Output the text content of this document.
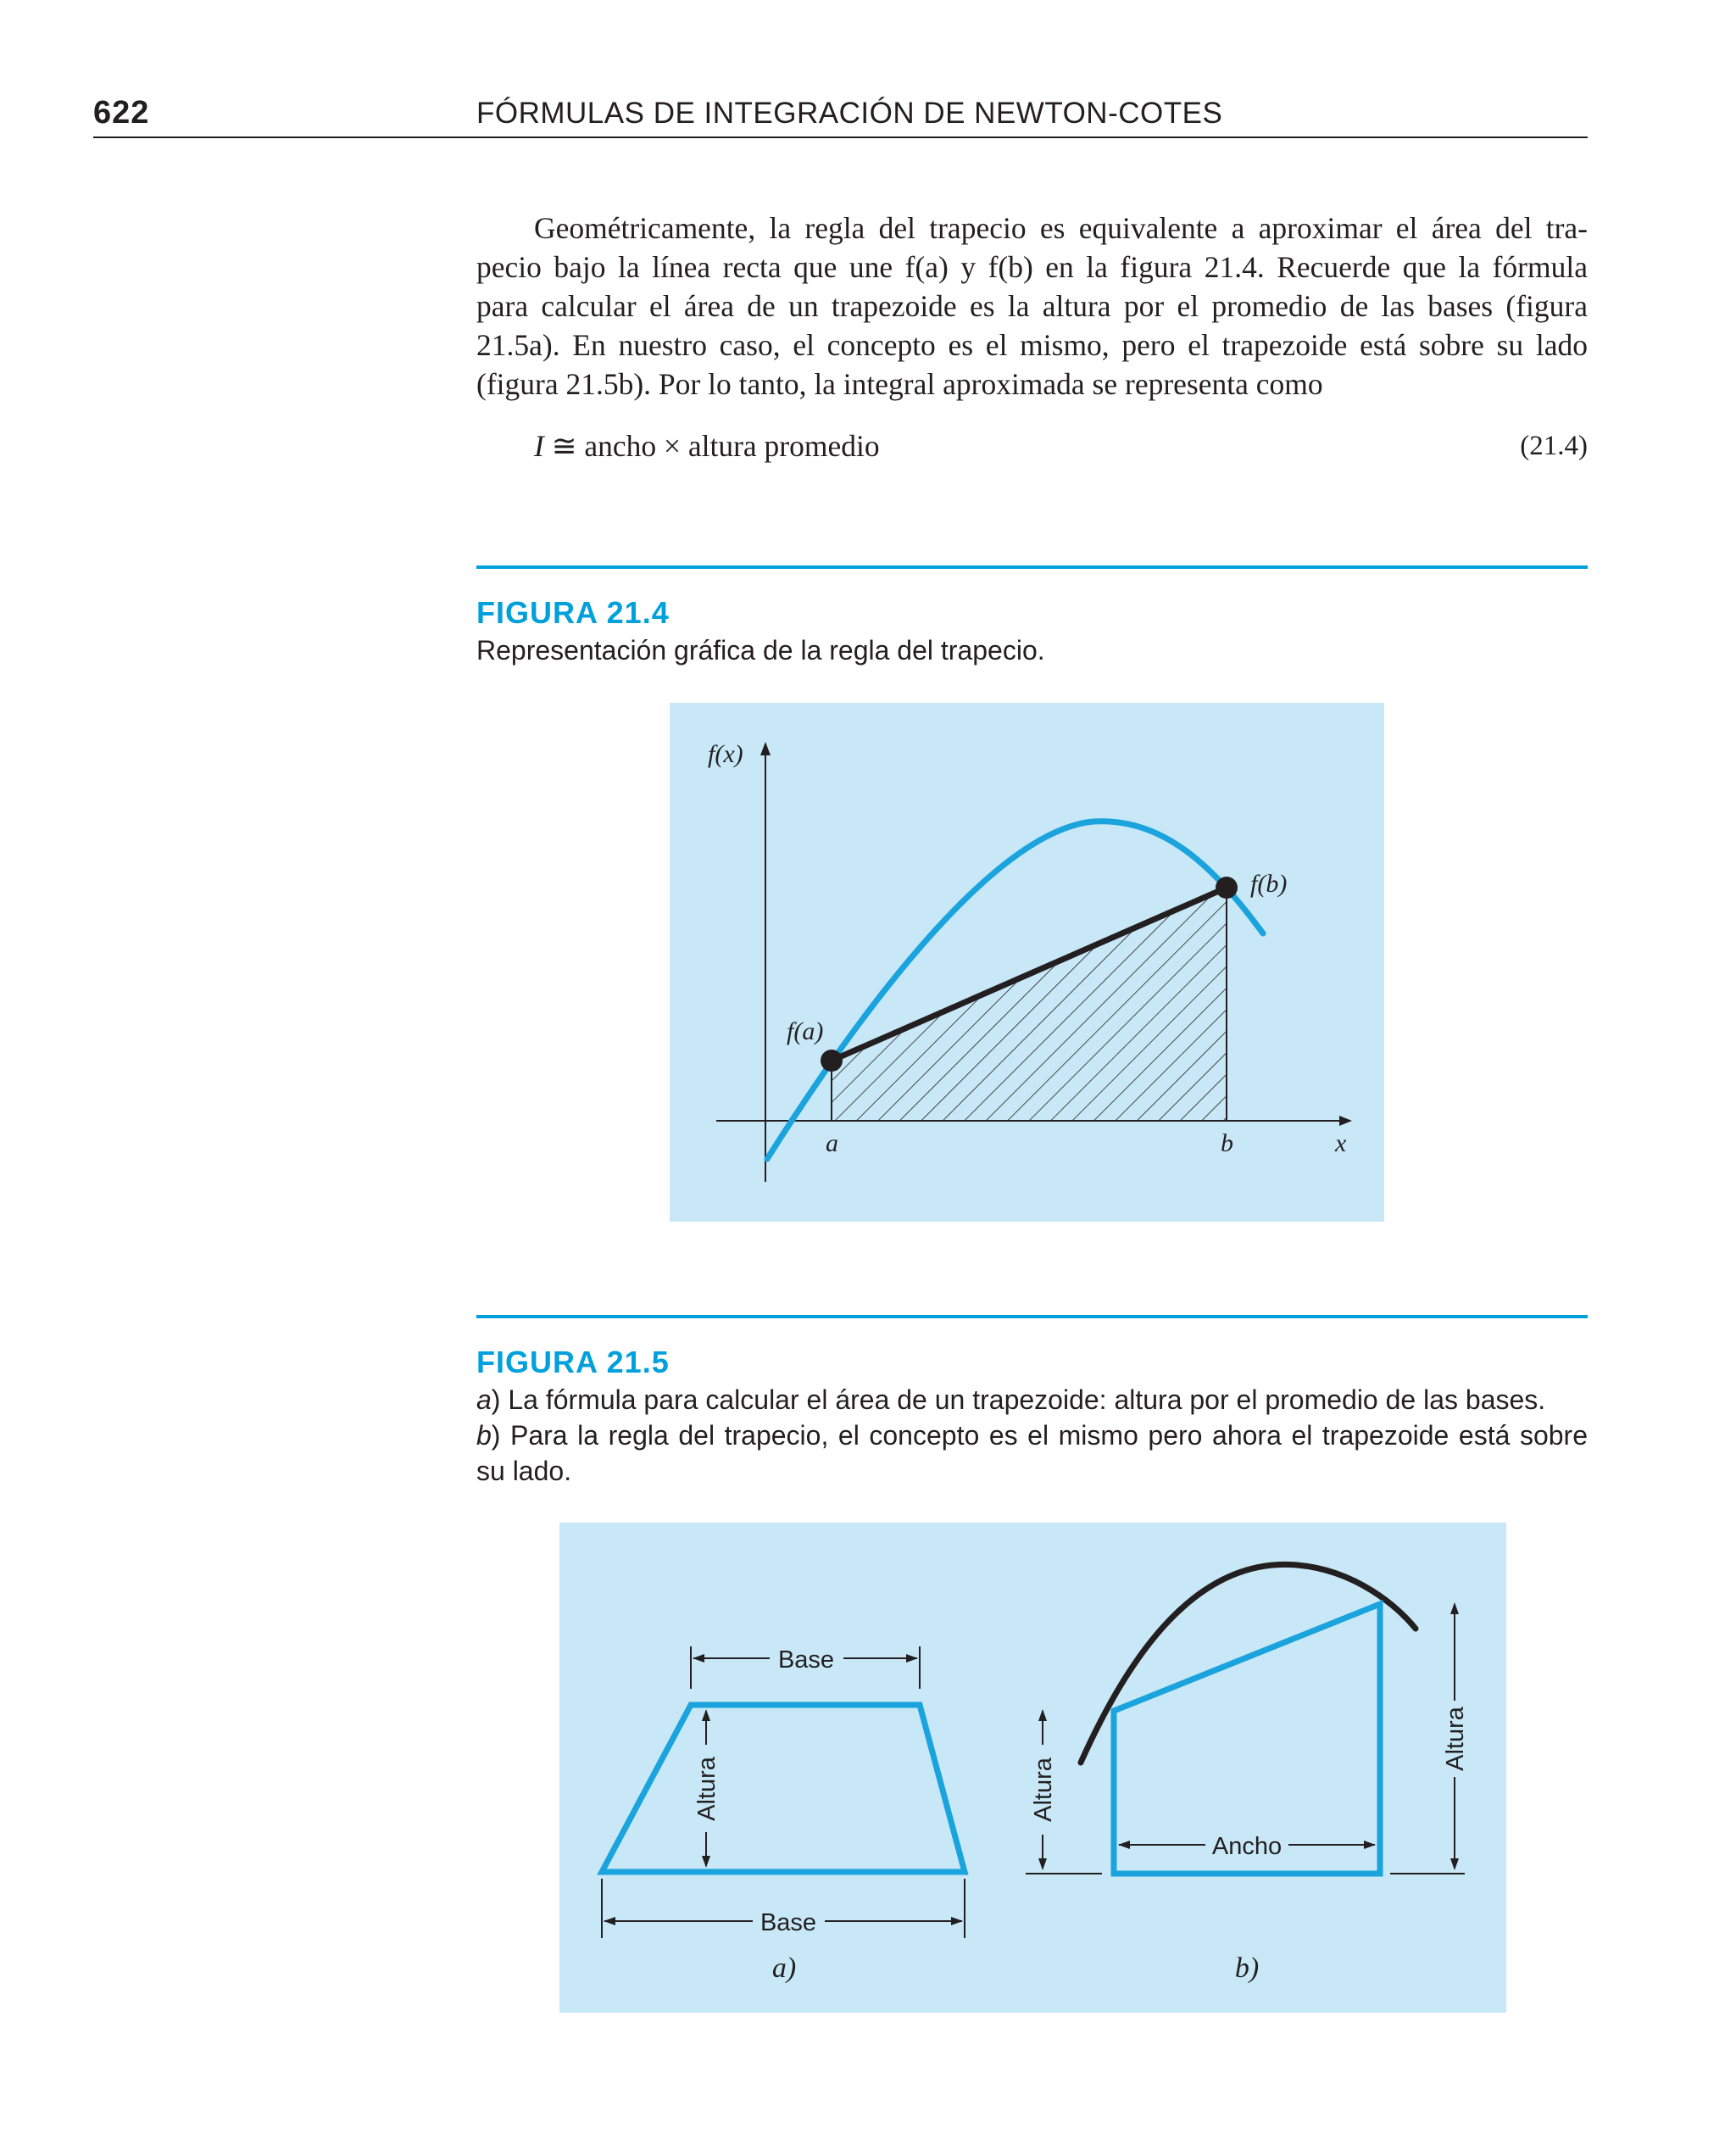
622	FÓRMULAS DE INTEGRACIÓN DE NEWTON-COTES
Geométricamente, la regla del trapecio es equivalente a aproximar el área del tra-
pecio bajo la línea recta que une f(a) y f(b) en la figura 21.4. Recuerde que la fórmula
para calcular el área de un trapezoide es la altura por el promedio de las bases (figura
21.5a). En nuestro caso, el concepto es el mismo, pero el trapezoide está sobre su lado
(figura 21.5b). Por lo tanto, la integral aproximada se representa como
I ≅ ancho × altura promedio	(21.4)
FIGURA 21.4
Representación gráfica de la regla del trapecio.
f(x)
f(a)
f(b)
a	b	x
FIGURA 21.5
a) La fórmula para calcular el área de un trapezoide: altura por el promedio de las bases.
b) Para la regla del trapecio, el concepto es el mismo pero ahora el trapezoide está sobre
su lado.
Base
Altura
Base
a)
Altura
Ancho
Altura
b)
